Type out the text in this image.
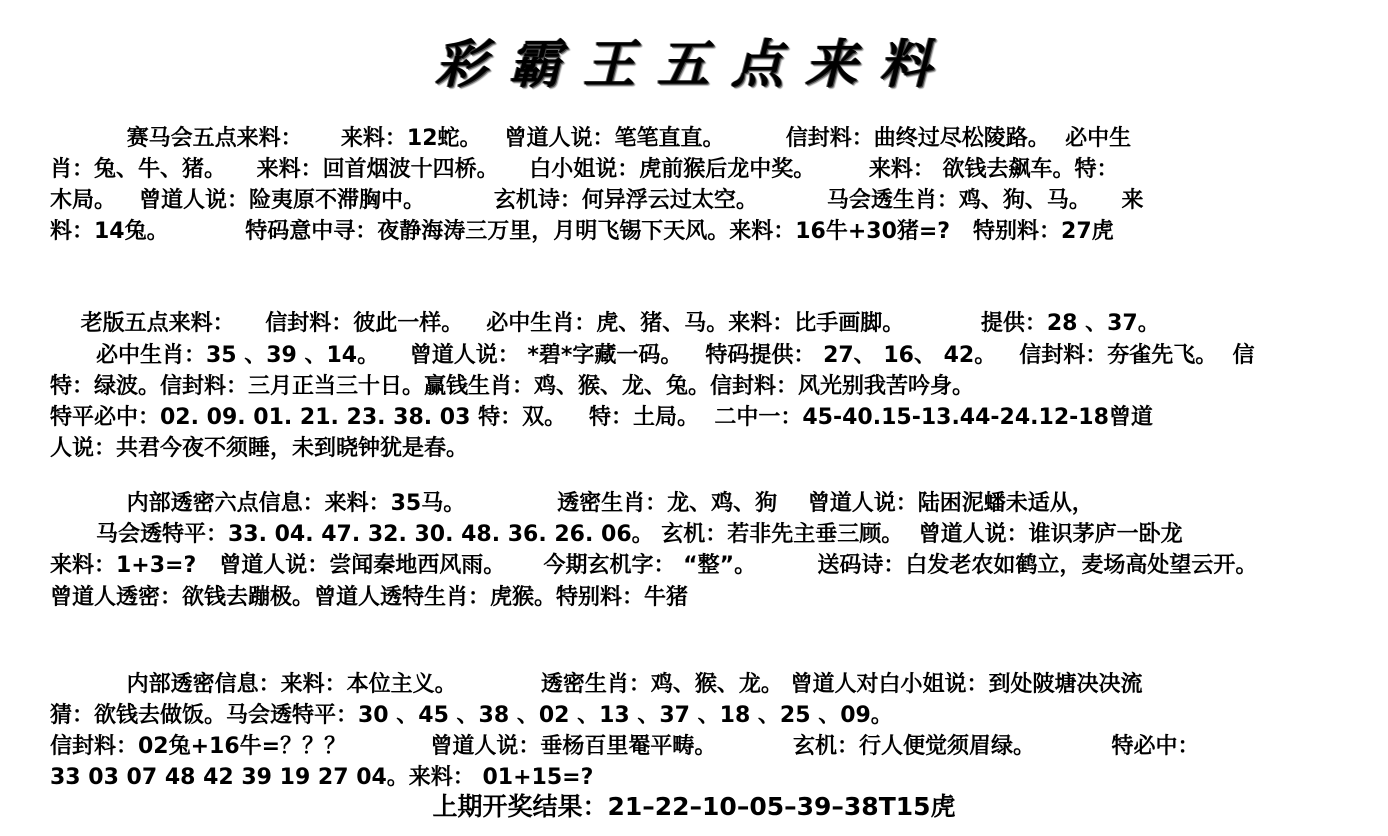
彩霸王五点来料
赛马会五点来料：     来料：12蛇。   曾道人说：笔笔直直。        信封料：曲终过尽松陵路。  必中生
肖：兔、牛、猪。    来料：回首烟波十四桥。    白小姐说：虎前猴后龙中奖。       来料： 欲钱去飙车。特：
木局。   曾道人说：险夷原不滞胸中。         玄机诗：何异浮云过太空。         马会透生肖：鸡、狗、马。    来
料：14兔。          特码意中寻：夜静海涛三万里，月明飞锡下天风。来料：16牛+30猪=?   特别料：27虎
老版五点来料：    信封料：彼此一样。   必中生肖：虎、猪、马。来料：比手画脚。          提供：28 、37。
必中生肖：35 、39 、14。    曾道人说： *碧*字藏一码。   特码提供： 27、 16、 42。   信封料：夯雀先飞。  信
特：绿波。信封料：三月正当三十日。赢钱生肖：鸡、猴、龙、兔。信封料：风光别我苦吟身。
特平必中：02. 09. 01. 21. 23. 38. 03 特：双。   特：土局。  二中一：45-40.15-13.44-24.12-18曾道
人说：共君今夜不须睡，未到晓钟犹是春。
内部透密六点信息：来料：35马。            透密生肖：龙、鸡、狗    曾道人说：陆困泥蟠未适从，
马会透特平：33. 04. 47. 32. 30. 48. 36. 26. 06。 玄机：若非先主垂三顾。  曾道人说：谁识茅庐一卧龙
来料：1+3=?   曾道人说：尝闻秦地西风雨。     今期玄机字： “整”。        送码诗：白发老农如鹤立，麦场高处望云开。
曾道人透密：欲钱去蹦极。曾道人透特生肖：虎猴。特别料：牛猪
内部透密信息：来料：本位主义。           透密生肖：鸡、猴、龙。 曾道人对白小姐说：到处陂塘决决流
猜：欲钱去做饭。马会透特平：30 、45 、38 、02 、13 、37 、18 、25 、09。
信封料：02兔+16牛=？？？           曾道人说：垂杨百里罨平畴。          玄机：行人便觉须眉绿。          特必中：
33 03 07 48 42 39 19 27 04。来料： 01+15=?
上期开奖结果：21–22–10–05–39–38T15虎
